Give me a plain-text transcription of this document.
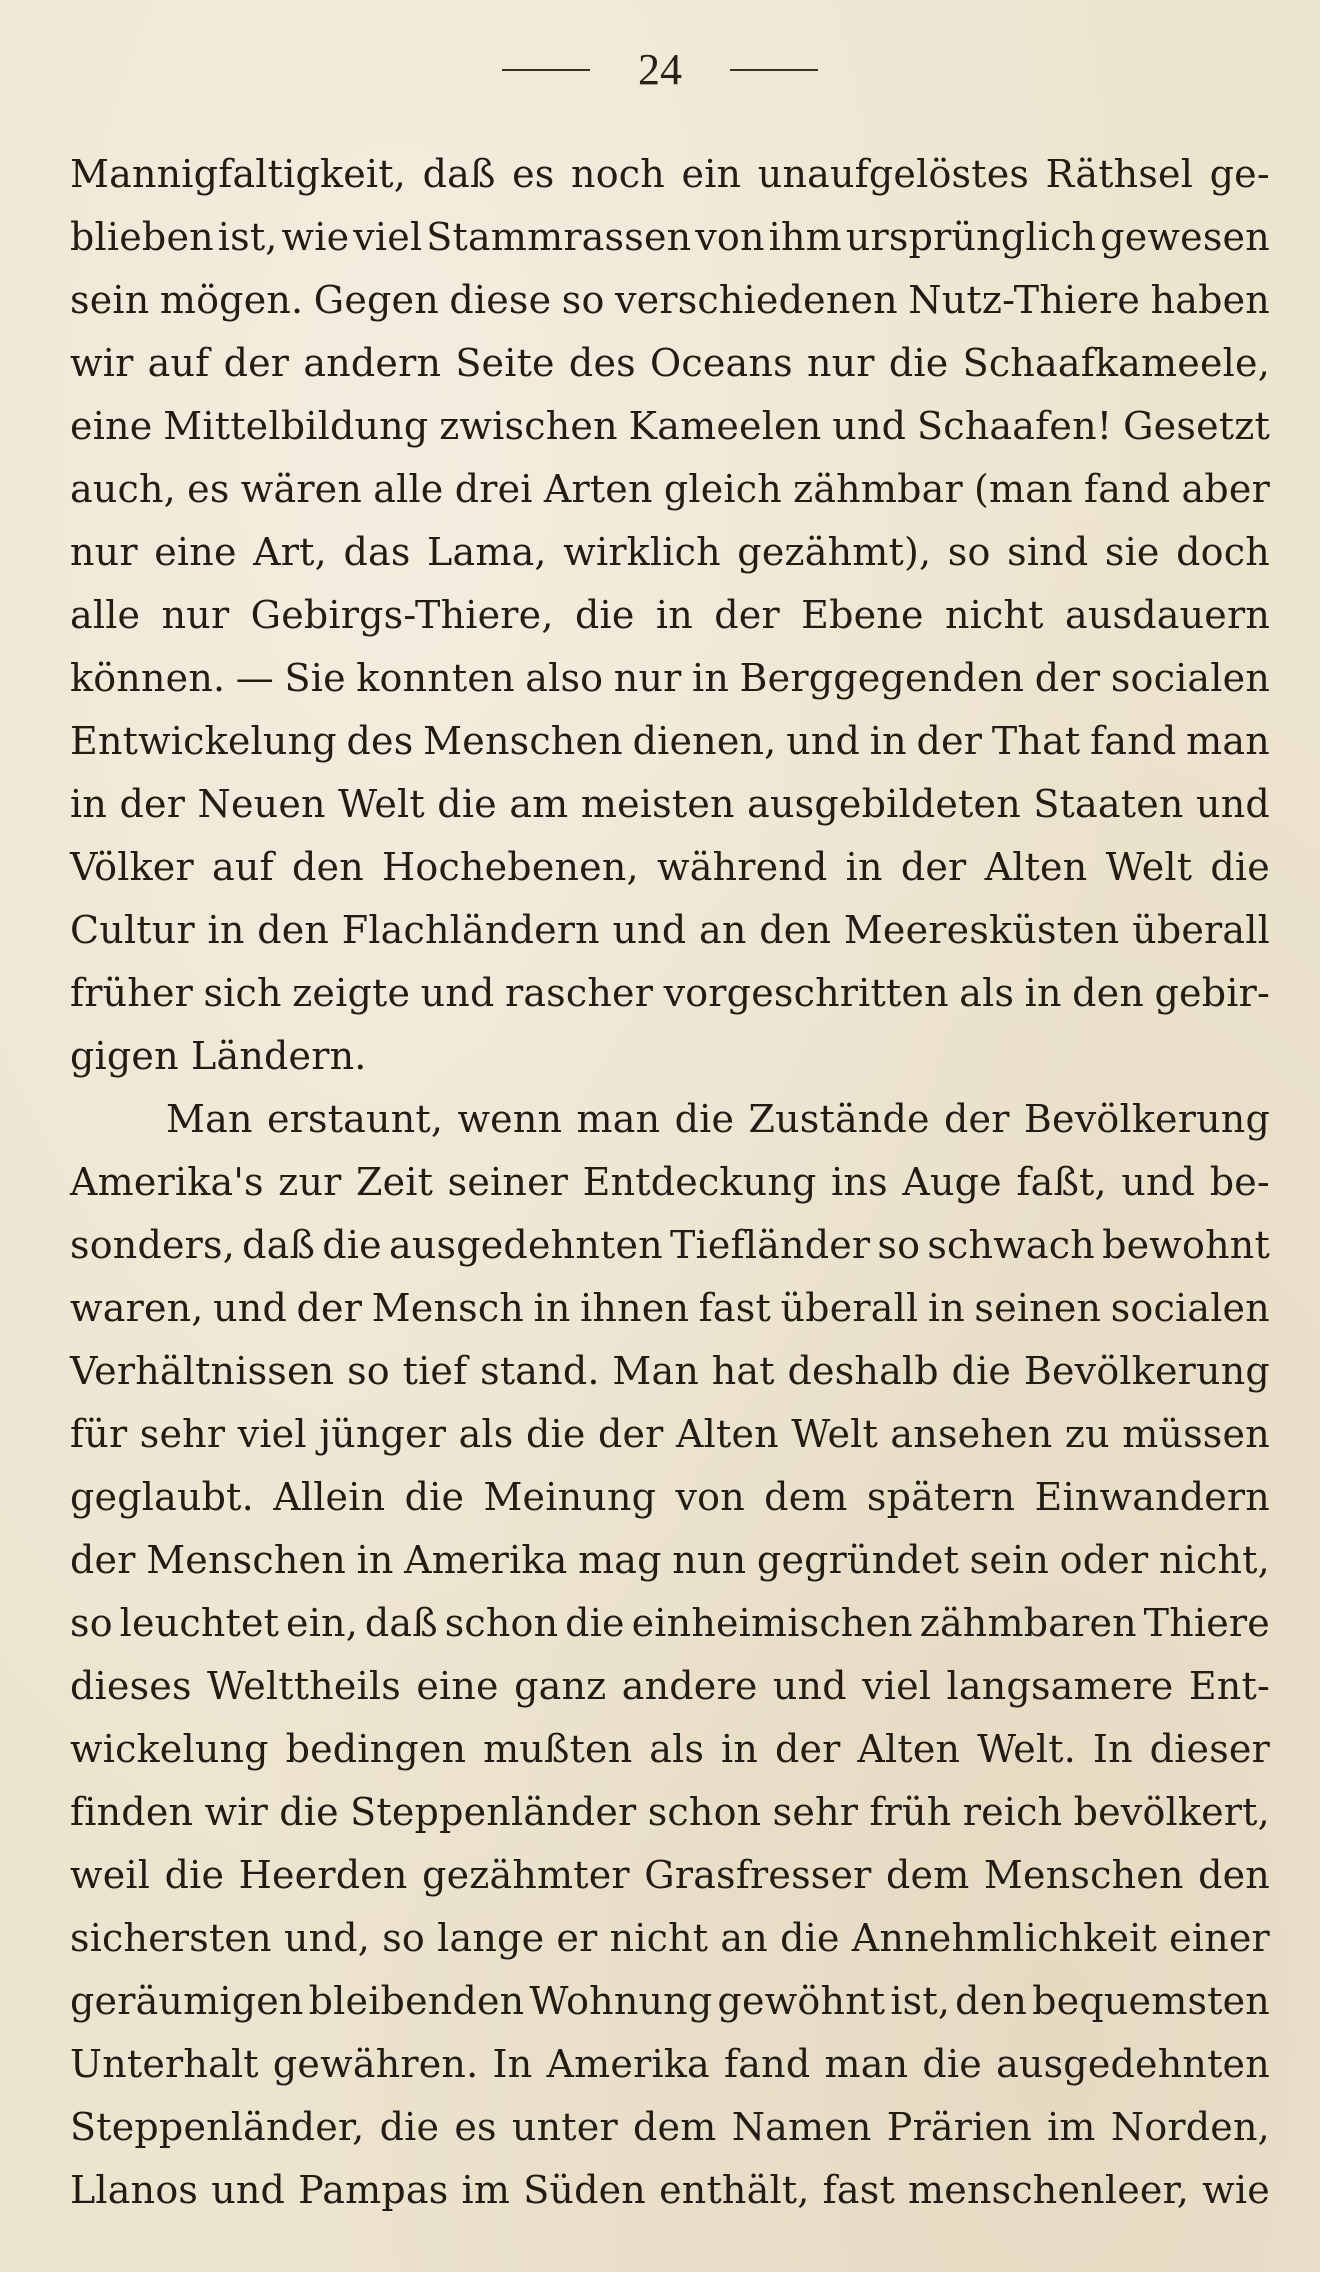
24
Mannigfaltigkeit, daß es noch ein unaufgelöstes Räthsel ge-
blieben ist, wie viel Stammrassen von ihm ursprünglich gewesen
sein mögen. Gegen diese so verschiedenen Nutz-Thiere haben
wir auf der andern Seite des Oceans nur die Schaafkameele,
eine Mittelbildung zwischen Kameelen und Schaafen! Gesetzt
auch, es wären alle drei Arten gleich zähmbar (man fand aber
nur eine Art, das Lama, wirklich gezähmt), so sind sie doch
alle nur Gebirgs-Thiere, die in der Ebene nicht ausdauern
können. — Sie konnten also nur in Berggegenden der socialen
Entwickelung des Menschen dienen, und in der That fand man
in der Neuen Welt die am meisten ausgebildeten Staaten und
Völker auf den Hochebenen, während in der Alten Welt die
Cultur in den Flachländern und an den Meeresküsten überall
früher sich zeigte und rascher vorgeschritten als in den gebir-
gigen Ländern.
Man erstaunt, wenn man die Zustände der Bevölkerung
Amerika's zur Zeit seiner Entdeckung ins Auge faßt, und be-
sonders, daß die ausgedehnten Tiefländer so schwach bewohnt
waren, und der Mensch in ihnen fast überall in seinen socialen
Verhältnissen so tief stand. Man hat deshalb die Bevölkerung
für sehr viel jünger als die der Alten Welt ansehen zu müssen
geglaubt. Allein die Meinung von dem spätern Einwandern
der Menschen in Amerika mag nun gegründet sein oder nicht,
so leuchtet ein, daß schon die einheimischen zähmbaren Thiere
dieses Welttheils eine ganz andere und viel langsamere Ent-
wickelung bedingen mußten als in der Alten Welt. In dieser
finden wir die Steppenländer schon sehr früh reich bevölkert,
weil die Heerden gezähmter Grasfresser dem Menschen den
sichersten und, so lange er nicht an die Annehmlichkeit einer
geräumigen bleibenden Wohnung gewöhnt ist, den bequemsten
Unterhalt gewähren. In Amerika fand man die ausgedehnten
Steppenländer, die es unter dem Namen Prärien im Norden,
Llanos und Pampas im Süden enthält, fast menschenleer, wie
